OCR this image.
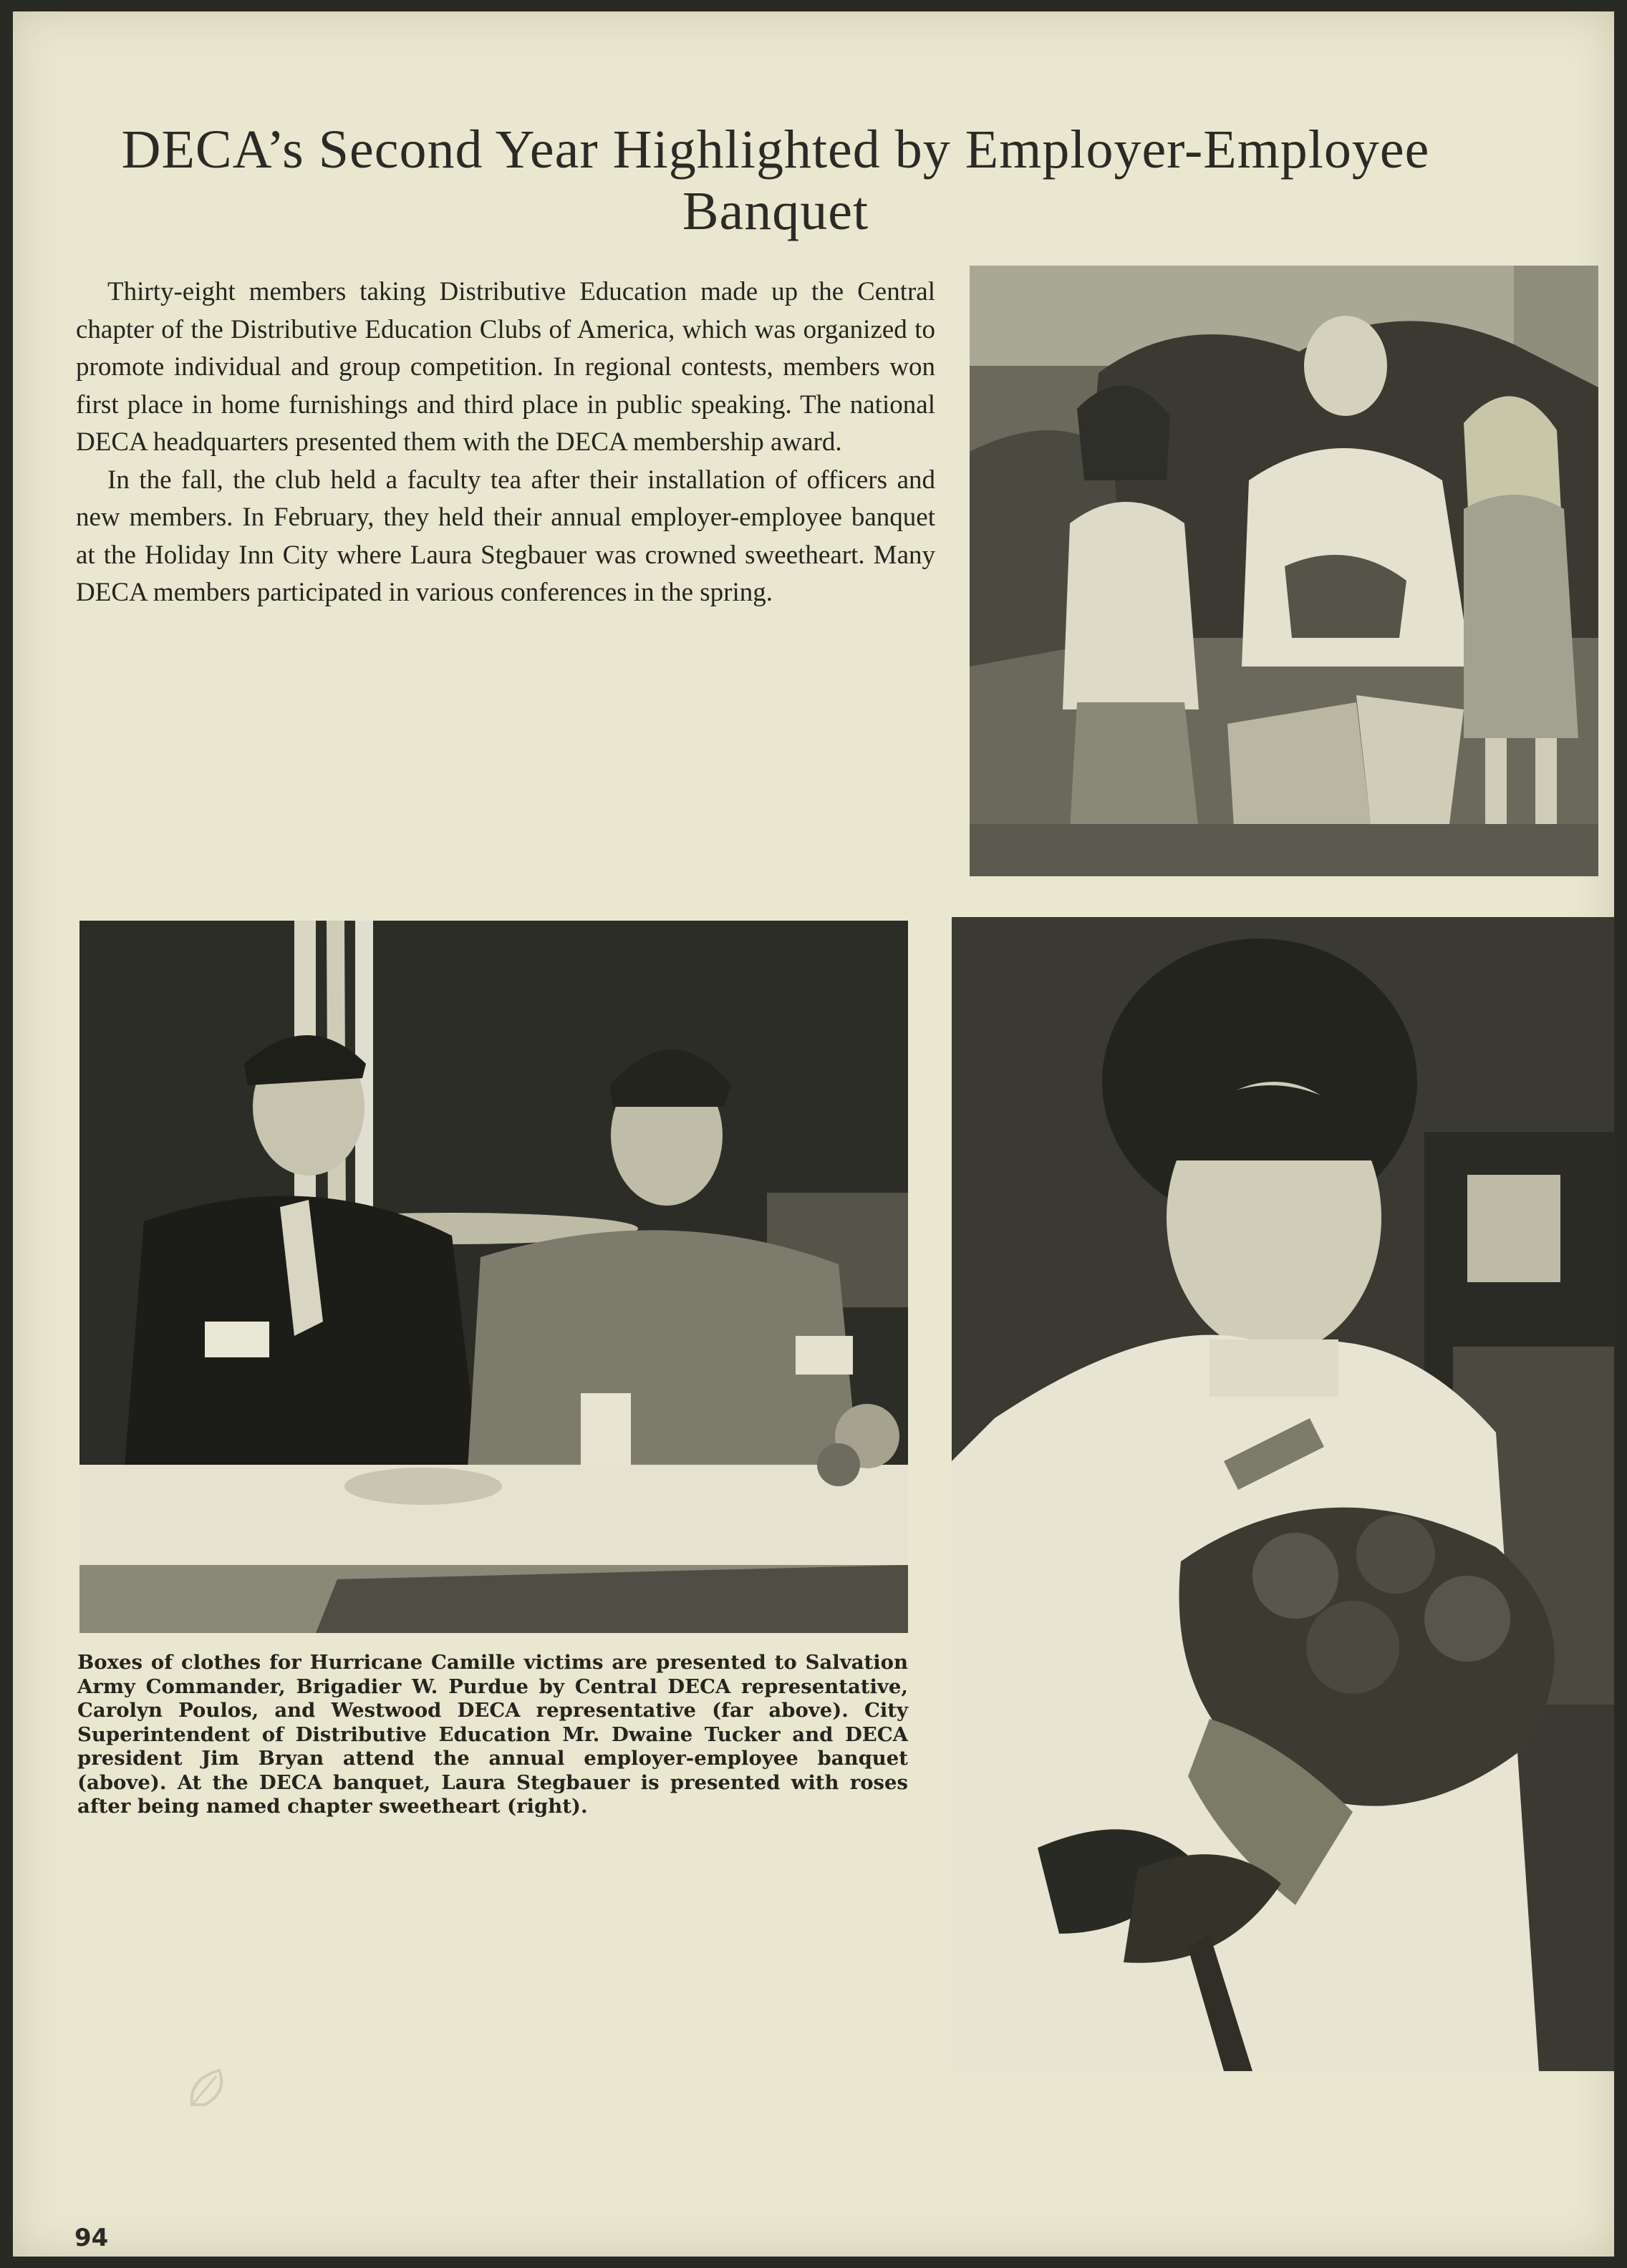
DECA’s Second Year Highlighted by Employer-Employee
Banquet

Thirty-eight members taking Distributive Education made up the Central chapter of the Distributive Education Clubs of America, which was organized to promote individual and group competition. In regional contests, members won first place in home furnishings and third place in public speaking. The national DECA headquarters presented them with the DECA membership award.

In the fall, the club held a faculty tea after their installation of officers and new members. In February, they held their annual employer-employee banquet at the Holiday Inn City where Laura Stegbauer was crowned sweetheart. Many DECA members participated in various conferences in the spring.

Boxes of clothes for Hurricane Camille victims are presented to Salvation Army Commander, Brigadier W. Purdue by Central DECA representative, Carolyn Poulos, and Westwood DECA representative (far above). City Superintendent of Distributive Education Mr. Dwaine Tucker and DECA president Jim Bryan attend the annual employer-employee banquet (above). At the DECA banquet, Laura Stegbauer is presented with roses after being named chapter sweetheart (right).
94
